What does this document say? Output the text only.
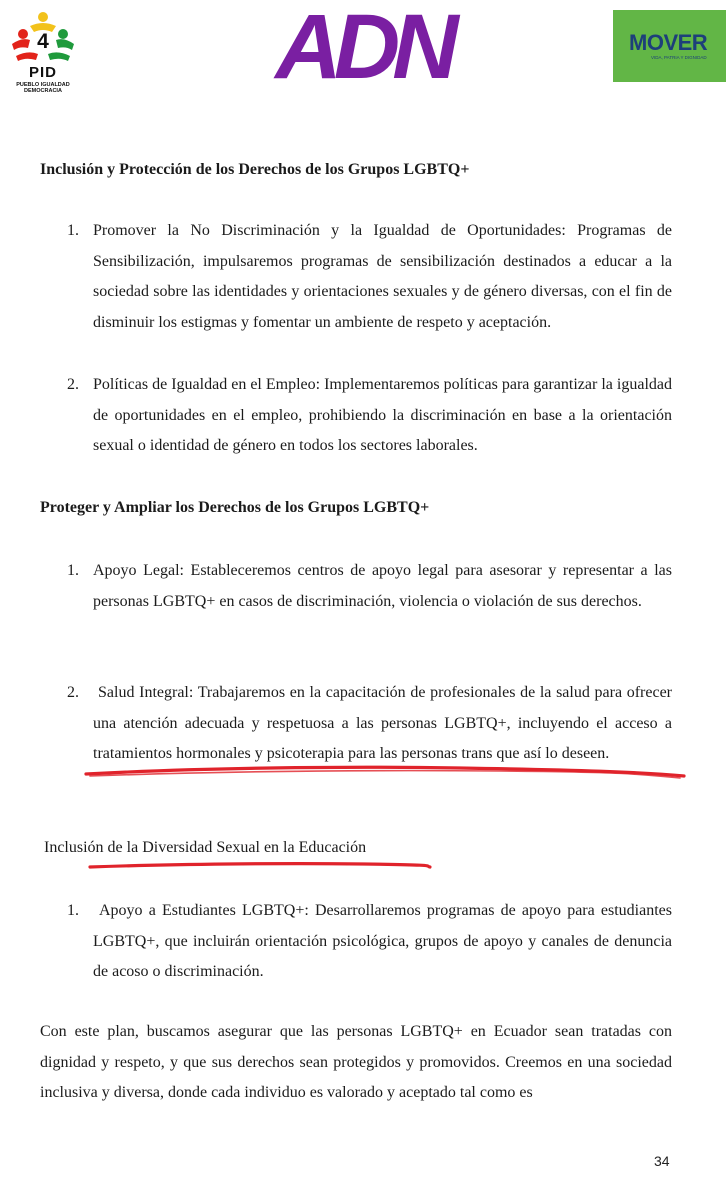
4
PID
PUEBLO IGUALDAD DEMOCRACIA ADN	MOVER
VIDA, PATRIA Y DIGNIDAD
Inclusión y Protección de los Derechos de los Grupos LGBTQ+
1. Promover la No Discriminación y la Igualdad de Oportunidades: Programas de Sensibilización, impulsaremos programas de sensibilización destinados a educar a la sociedad sobre las identidades y orientaciones sexuales y de género diversas, con el fin de disminuir los estigmas y fomentar un ambiente de respeto y aceptación.
2. Políticas de Igualdad en el Empleo: Implementaremos políticas para garantizar la igualdad de oportunidades en el empleo, prohibiendo la discriminación en base a la orientación sexual o identidad de género en todos los sectores laborales.
Proteger y Ampliar los Derechos de los Grupos LGBTQ+
1. Apoyo Legal: Estableceremos centros de apoyo legal para asesorar y representar a las personas LGBTQ+ en casos de discriminación, violencia o violación de sus derechos.
2.	Salud Integral: Trabajaremos en la capacitación de profesionales de la salud para ofrecer una atención adecuada y respetuosa a las personas LGBTQ+, incluyendo el acceso a tratamientos hormonales y psicoterapia para las personas trans que así lo deseen.
Inclusión de la Diversidad Sexual en la Educación
1.	Apoyo a Estudiantes LGBTQ+: Desarrollaremos programas de apoyo para estudiantes LGBTQ+, que incluirán orientación psicológica, grupos de apoyo y canales de denuncia de acoso o discriminación.
Con este plan, buscamos asegurar que las personas LGBTQ+ en Ecuador sean tratadas con dignidad y respeto, y que sus derechos sean protegidos y promovidos. Creemos en una sociedad inclusiva y diversa, donde cada individuo es valorado y aceptado tal como es
34
